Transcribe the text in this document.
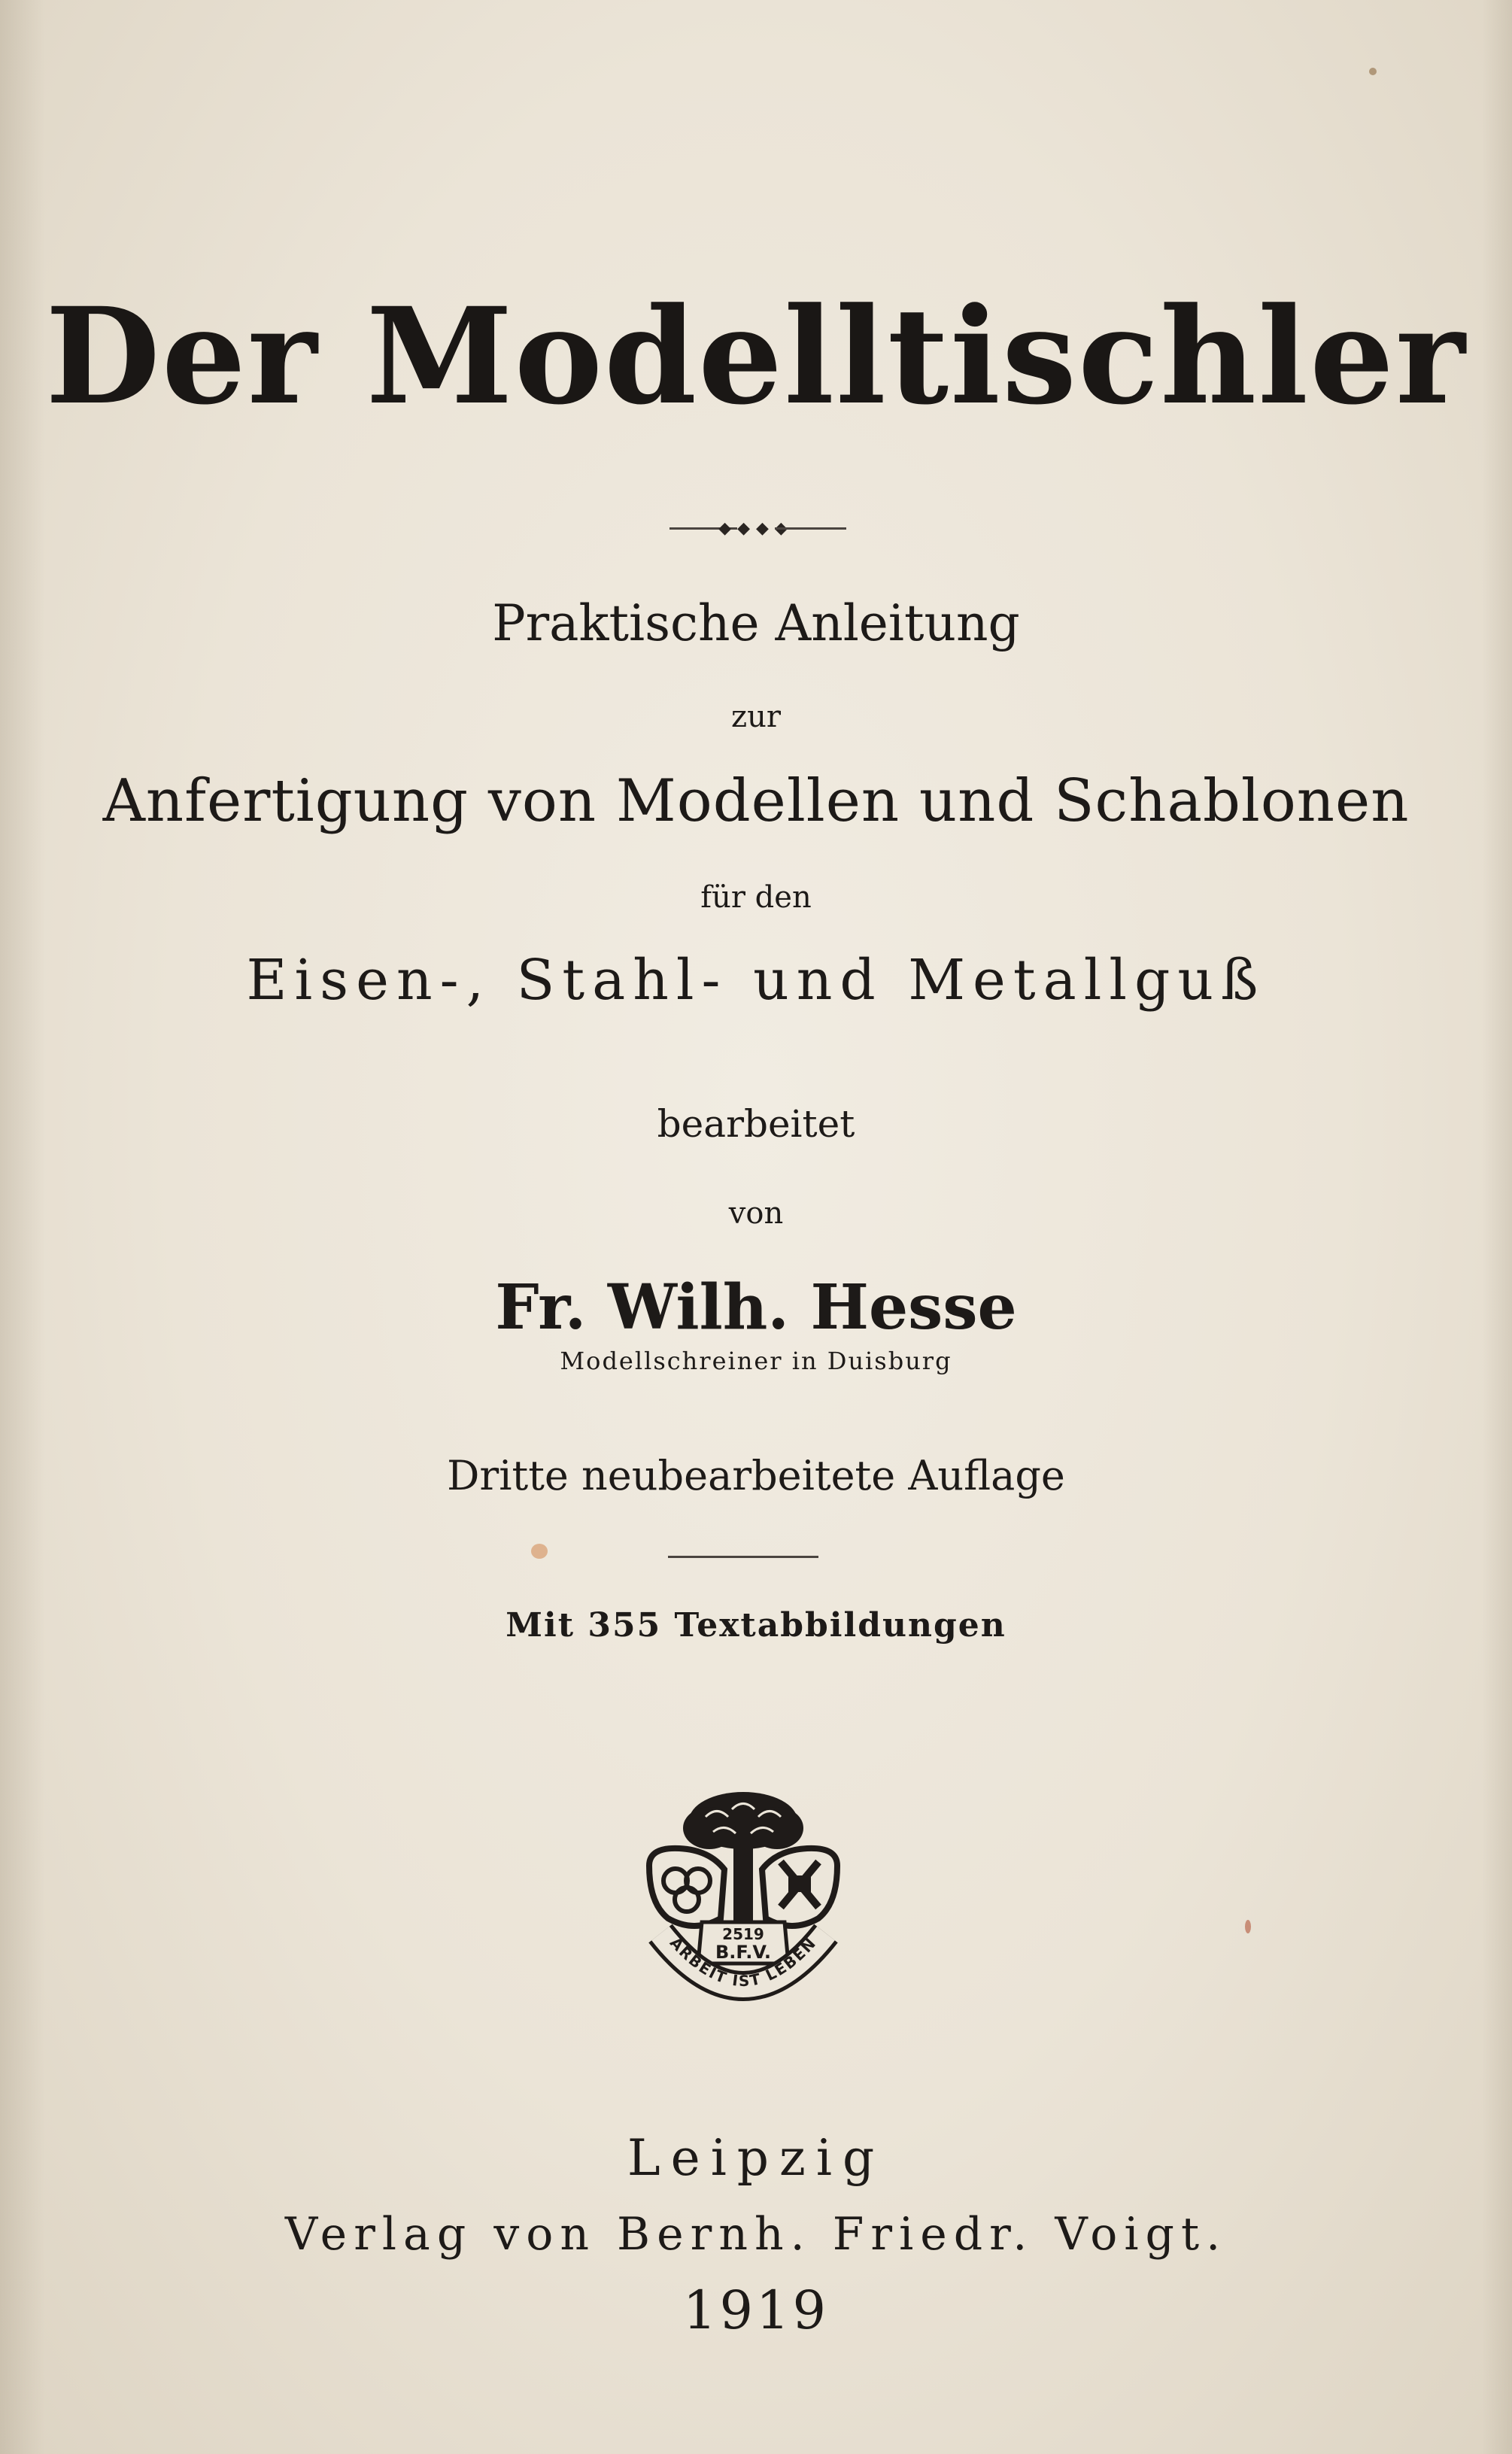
Der Modelltischler
◆◆◆◆
Praktische Anleitung
zur
Anfertigung von Modellen und Schablonen
für den
Eisen-, Stahl- und Metallguß
bearbeitet
von
Fr. Wilh. Hesse
Modellschreiner in Duisburg
Dritte neubearbeitete Auflage
Mit 355 Textabbildungen
2519
B.F.V.
ARBEIT IST LEBEN
Leipzig
Verlag von Bernh. Friedr. Voigt.
1919
